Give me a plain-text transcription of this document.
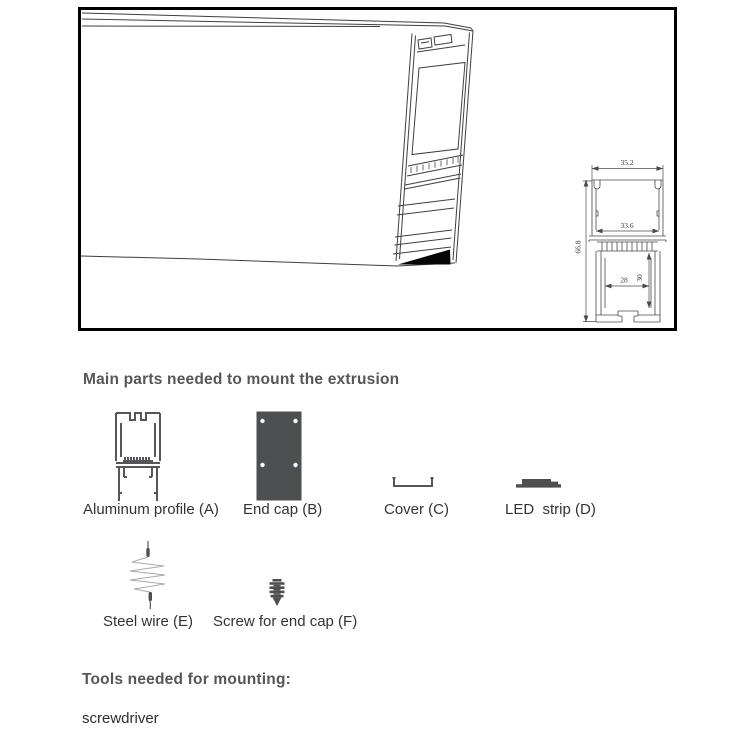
35.2
33.6
28 30
66.8
Main parts needed to mount the extrusion
Aluminum profile (A) End cap (B)	Cover (C)	LED  strip (D)
Steel wire (E) Screw for end cap (F)
Tools needed for mounting:
screwdriver
